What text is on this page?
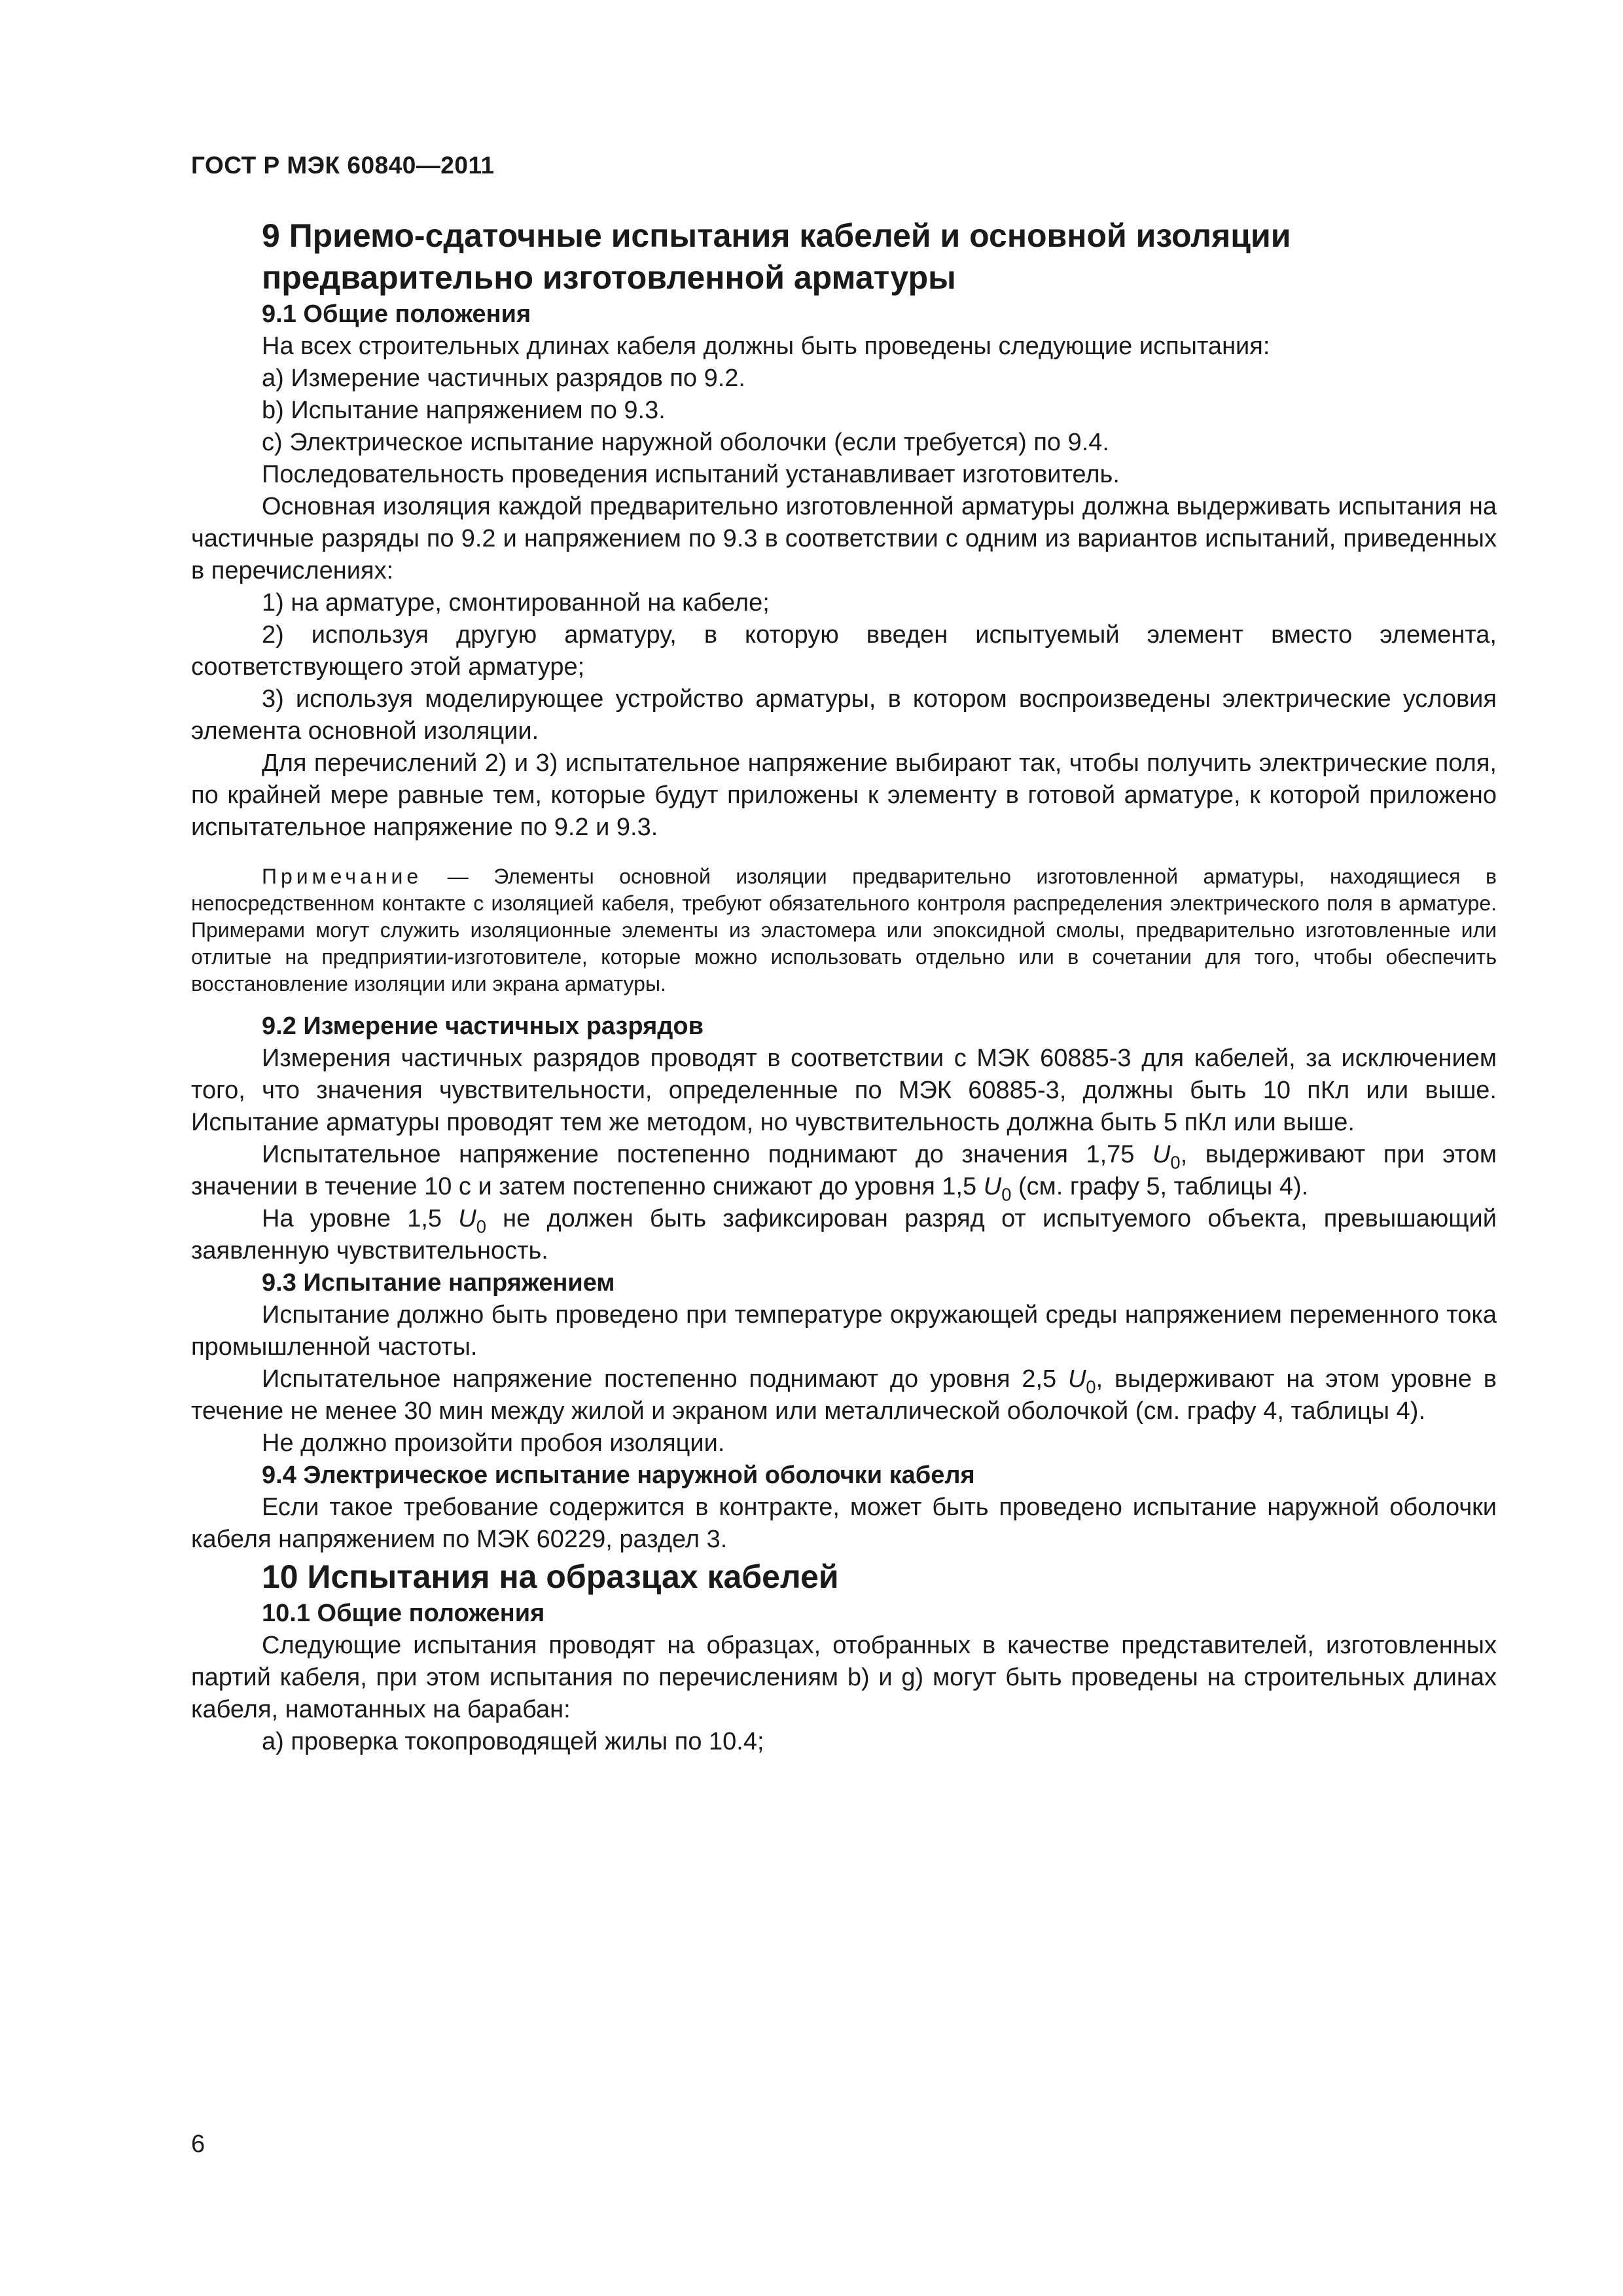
ГОСТ Р МЭК 60840—2011
9 Приемо-сдаточные испытания кабелей и основной изоляции предварительно изготовленной арматуры
9.1 Общие положения

На всех строительных длинах кабеля должны быть проведены следующие испытания:

а) Измерение частичных разрядов по 9.2.

b) Испытание напряжением по 9.3.

с) Электрическое испытание наружной оболочки (если требуется) по 9.4.

Последовательность проведения испытаний устанавливает изготовитель.

Основная изоляция каждой предварительно изготовленной арматуры должна выдерживать испытания на частичные разряды по 9.2 и напряжением по 9.3 в соответствии с одним из вариантов испытаний, приведенных в перечислениях:

1) на арматуре, смонтированной на кабеле;

2) используя другую арматуру, в которую введен испытуемый элемент вместо элемента, соответствующего этой арматуре;

3) используя моделирующее устройство арматуры, в котором воспроизведены электрические условия элемента основной изоляции.

Для перечислений 2) и 3) испытательное напряжение выбирают так, чтобы получить электрические поля, по крайней мере равные тем, которые будут приложены к элементу в готовой арматуре, к которой приложено испытательное напряжение по 9.2 и 9.3.

Примечание — Элементы основной изоляции предварительно изготовленной арматуры, находящиеся в непосредственном контакте с изоляцией кабеля, требуют обязательного контроля распределения электрического поля в арматуре. Примерами могут служить изоляционные элементы из эластомера или эпоксидной смолы, предварительно изготовленные или отлитые на предприятии-изготовителе, которые можно использовать отдельно или в сочетании для того, чтобы обеспечить восстановление изоляции или экрана арматуры.

9.2 Измерение частичных разрядов

Измерения частичных разрядов проводят в соответствии с МЭК 60885-3 для кабелей, за исключением того, что значения чувствительности, определенные по МЭК 60885-3, должны быть 10 пКл или выше. Испытание арматуры проводят тем же методом, но чувствительность должна быть 5 пКл или выше.

Испытательное напряжение постепенно поднимают до значения 1,75 $U_0$, выдерживают при этом значении в течение 10 с и затем постепенно снижают до уровня 1,5 $U_0$ (см. графу 5, таблицы 4).

На уровне 1,5 $U_0$ не должен быть зафиксирован разряд от испытуемого объекта, превышающий заявленную чувствительность.

9.3 Испытание напряжением

Испытание должно быть проведено при температуре окружающей среды напряжением переменного тока промышленной частоты.

Испытательное напряжение постепенно поднимают до уровня 2,5 $U_0$, выдерживают на этом уровне в течение не менее 30 мин между жилой и экраном или металлической оболочкой (см. графу 4, таблицы 4).

Не должно произойти пробоя изоляции.

9.4 Электрическое испытание наружной оболочки кабеля

Если такое требование содержится в контракте, может быть проведено испытание наружной оболочки кабеля напряжением по МЭК 60229, раздел 3.

10 Испытания на образцах кабелей
10.1 Общие положения

Следующие испытания проводят на образцах, отобранных в качестве представителей, изготовленных партий кабеля, при этом испытания по перечислениям b) и g) могут быть проведены на строительных длинах кабеля, намотанных на барабан:

а) проверка токопроводящей жилы по 10.4;

6
